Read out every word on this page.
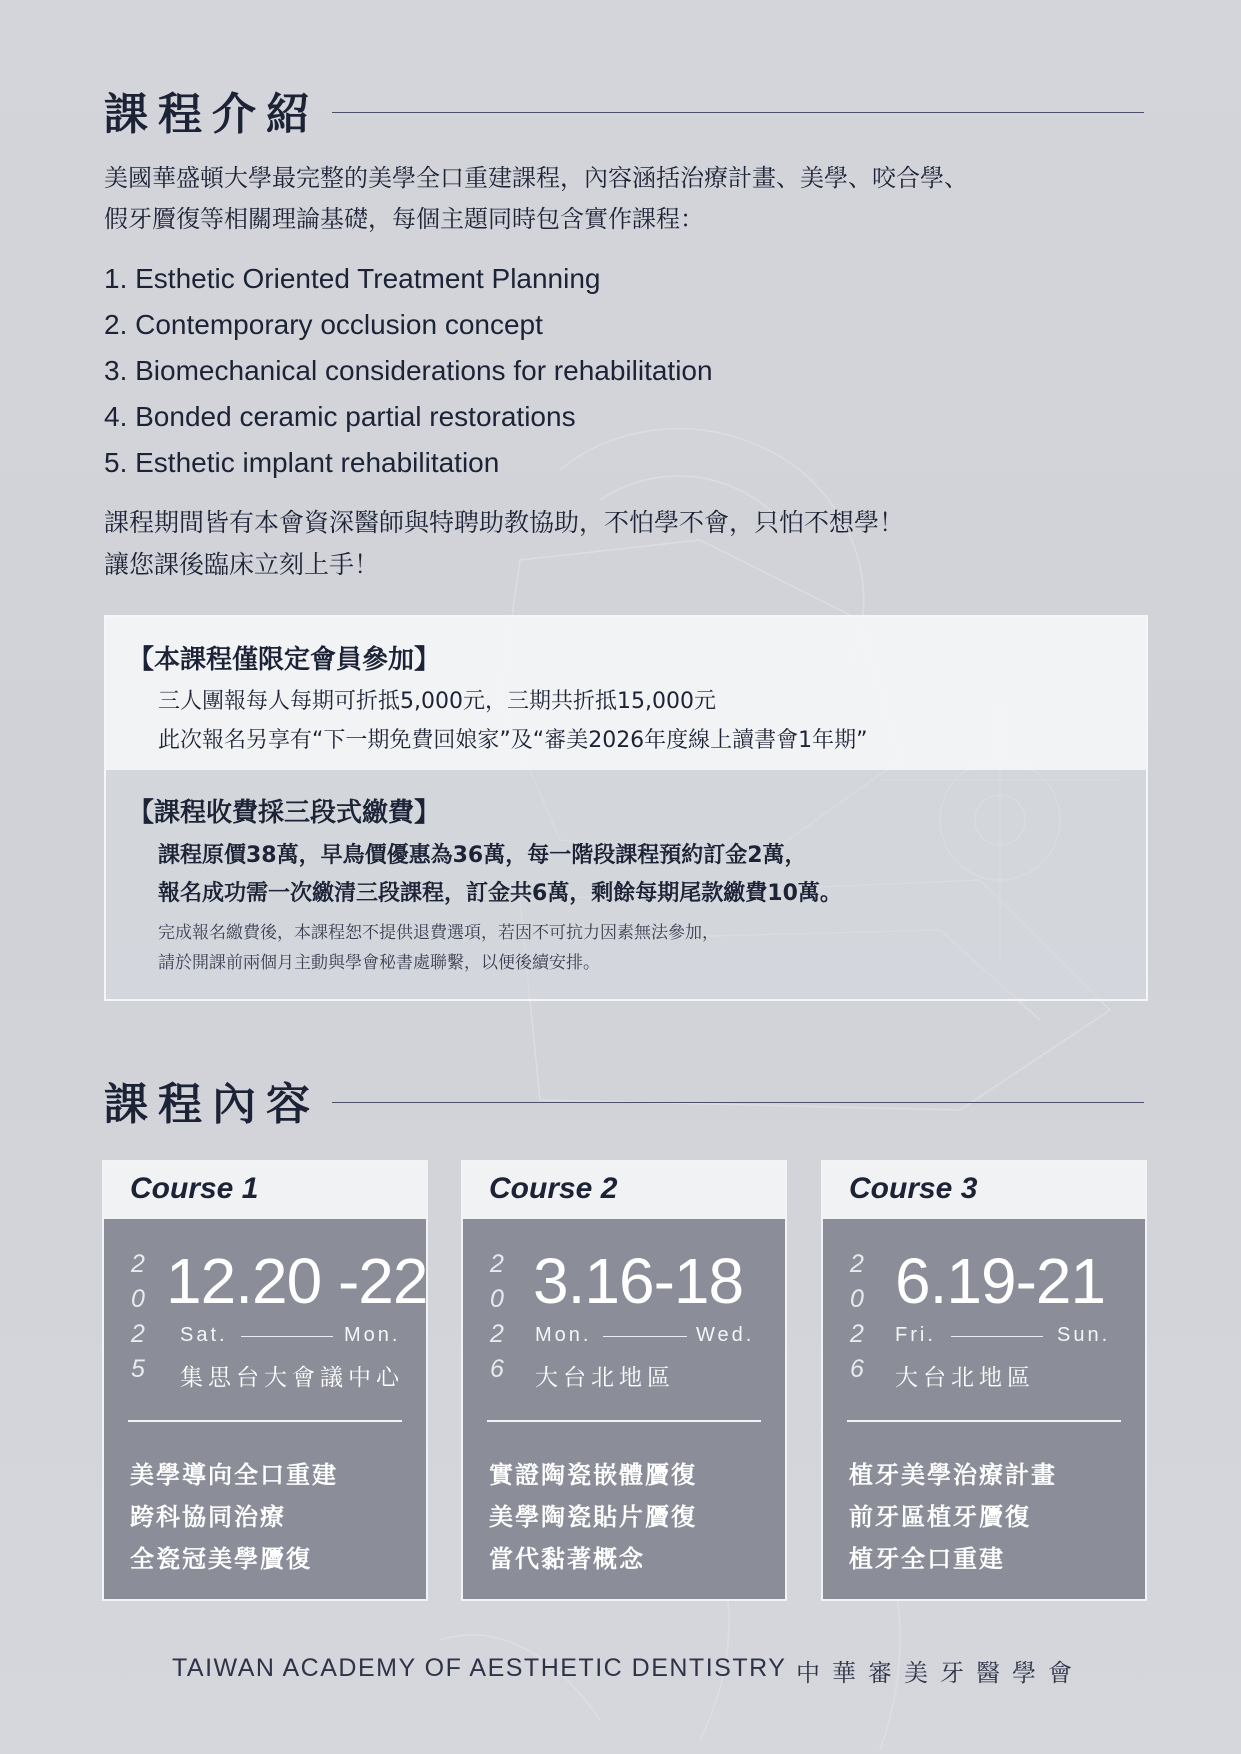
課程介紹
美國華盛頓大學最完整的美學全口重建課程，內容涵括治療計畫、美學、咬合學、
假牙贗復等相關理論基礎，每個主題同時包含實作課程：
1. Esthetic Oriented Treatment Planning
2. Contemporary occlusion concept
3. Biomechanical considerations for rehabilitation
4. Bonded ceramic partial restorations
5. Esthetic implant rehabilitation
課程期間皆有本會資深醫師與特聘助教協助，不怕學不會，只怕不想學！
讓您課後臨床立刻上手！
【本課程僅限定會員參加】
三人團報每人每期可折抵5,000元，三期共折抵15,000元
此次報名另享有“下一期免費回娘家”及“審美2026年度線上讀書會1年期”
【課程收費採三段式繳費】
課程原價38萬，早鳥價優惠為36萬，每一階段課程預約訂金2萬，
報名成功需一次繳清三段課程，訂金共6萬，剩餘每期尾款繳費10萬。
完成報名繳費後，本課程恕不提供退費選項，若因不可抗力因素無法參加，
請於開課前兩個月主動與學會秘書處聯繫，以便後續安排。
課程內容
Course 1
2
0
2
5
12.20 -22
Sat.	Mon.
集思台大會議中心
美學導向全口重建
跨科協同治療
全瓷冠美學贗復
Course 2
2
0
2
6
3.16-18
Mon.	Wed.
大台北地區
實證陶瓷嵌體贗復
美學陶瓷貼片贗復
當代黏著概念
Course 3
2
0
2
6
6.19-21
Fri.	Sun.
大台北地區
植牙美學治療計畫
前牙區植牙贗復
植牙全口重建
TAIWAN ACADEMY OF AESTHETIC DENTISTRY 中華審美牙醫學會
